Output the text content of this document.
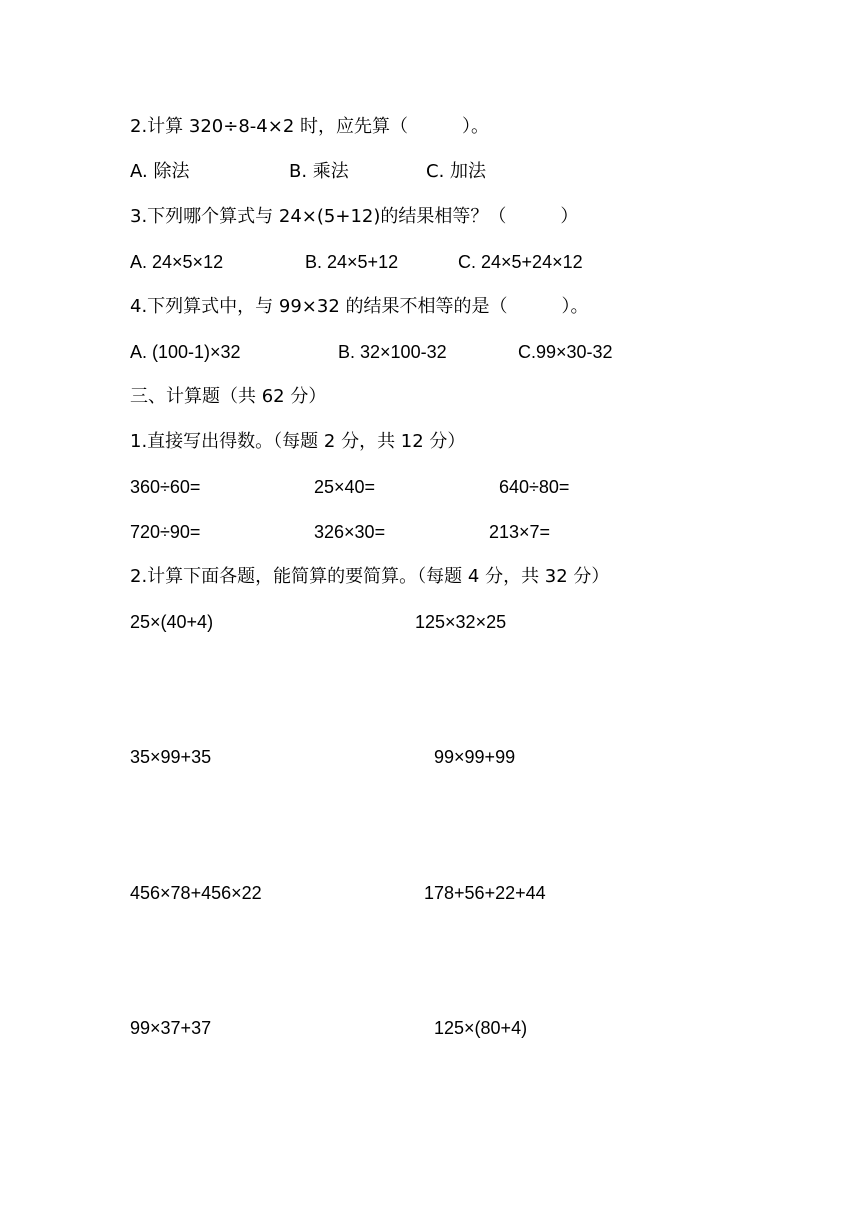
2.计算 320÷8-4×2 时，应先算（　　　）。
A. 除法	B. 乘法	C. 加法
3.下列哪个算式与 24×(5+12)的结果相等？（　　　）
A. 24×5×12	B. 24×5+12	C. 24×5+24×12
4.下列算式中，与 99×32 的结果不相等的是（　　　）。
A. (100-1)×32	B. 32×100-32	C.99×30-32
三、计算题（共 62 分）
1.直接写出得数。（每题 2 分，共 12 分）
360÷60=	25×40=	640÷80=
720÷90=	326×30=	213×7=
2.计算下面各题，能简算的要简算。（每题 4 分，共 32 分）
25×(40+4)	125×32×25
35×99+35	99×99+99
456×78+456×22	178+56+22+44
99×37+37	125×(80+4)
